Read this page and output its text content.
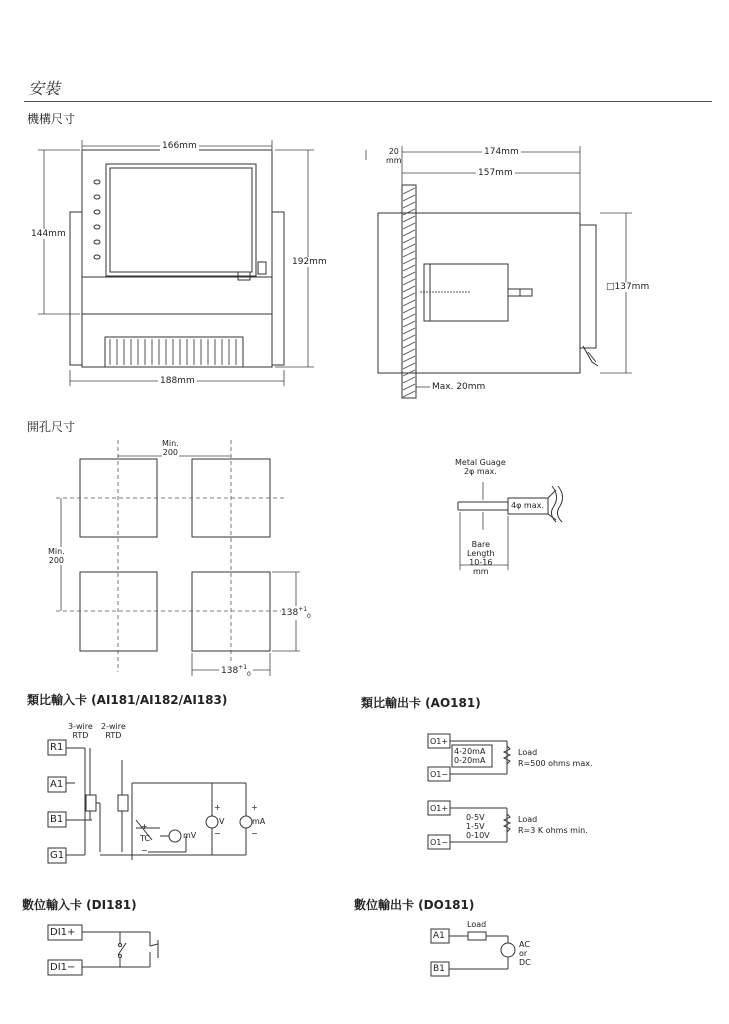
安裝
機構尺寸
開孔尺寸
類比輸入卡 (AI181/AI182/AI183)	類比輸出卡 (AO181)
數位輸入卡 (DI181)	數位輸出卡 (DO181)
166mm
144mm
192mm
188mm
20
mm
174mm
157mm
□137mm
Max. 20mm
Min.
200
Min.
200
$138^{+1}_0$
$138^{+1}_0$
Metal Guage
2φ max.
4φ max.
Bare
Length
10-16
mm
3-wire
RTD
2-wire
RTD
R1
A1
B1
G1
TC	mV
V	mA
+
−
+
−
+
−
O1+
O1−
4-20mA
0-20mA
Load
R=500 ohms max.
O1+
O1−
0-5V
1-5V
0-10V
Load
R=3 K ohms min.
DI1+
DI1−
A1
B1
Load
AC
or
DC
